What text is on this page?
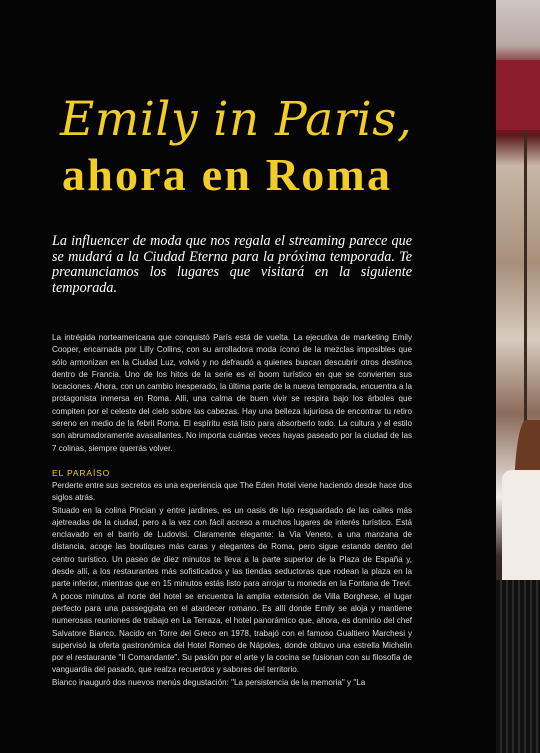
Emily in Paris,
ahora en Roma
La influencer de moda que nos regala el streaming parece que se mudará a la Ciudad Eterna para la próxima temporada. Te preanunciamos los lugares que visitará en la siguiente temporada.

La intrépida norteamericana que conquistó París está de vuelta. La ejecutiva de marketing Emily Cooper, encarnada por Lilly Collins, con su arrolladora moda ícono de la mezclas imposibles que sólo armonizan en la Ciudad Luz, volvió y no defraudó a quienes buscan descubrir otros destinos dentro de Francia. Uno de los hitos de la serie es el boom turístico en que se convierten sus locaciones. Ahora, con un cambio inesperado, la última parte de la nueva temporada, encuentra a la protagonista inmersa en Roma. Allí, una calma de buen vivir se respira bajo los árboles que compiten por el celeste del cielo sobre las cabezas. Hay una belleza lujuriosa de encontrar tu retiro sereno en medio de la febril Roma. El espíritu está listo para absorberlo todo. La cultura y el estilo son abrumadoramente avasallantes. No importa cuántas veces hayas paseado por la ciudad de las 7 colinas, siempre querrás volver.

EL PARAÍSO

Perderte entre sus secretos es una experiencia que The Eden Hotel viene haciendo desde hace dos siglos atrás.

Situado en la colina Pincian y entre jardines, es un oasis de lujo resguardado de las calles más ajetreadas de la ciudad, pero a la vez con fácil acceso a muchos lugares de interés turístico. Está enclavado en el barrio de Ludovisi. Claramente elegante: la Via Veneto, a una manzana de distancia, acoge las boutiques más caras y elegantes de Roma, pero sigue estando dentro del centro turístico. Un paseo de diez minutos te lleva a la parte superior de la Plaza de España y, desde allí, a los restaurantes más sofisticados y las tiendas seductoras que rodean la plaza en la parte inferior, mientras que en 15 minutos estás listo para arrojar tu moneda en la Fontana de Trevi. A pocos minutos al norte del hotel se encuentra la amplia extensión de Villa Borghese, el lugar perfecto para una passeggiata en el atardecer romano. Es allí donde Emily se aloja y mantiene numerosas reuniones de trabajo en La Terraza, el hotel panorámico que, ahora, es dominio del chef Salvatore Bianco. Nacido en Torre del Greco en 1978, trabajó con el famoso Gualtiero Marchesi y supervisó la oferta gastronómica del Hotel Romeo de Nápoles, donde obtuvo una estrella Michelin por el restaurante "Il Comandante". Su pasión por el arte y la cocina se fusionan con su filosofía de vanguardia del pasado, que realza recuerdos y sabores del territorio.

Bianco inauguró dos nuevos menús degustación: "La persistencia de la memoria" y "La
